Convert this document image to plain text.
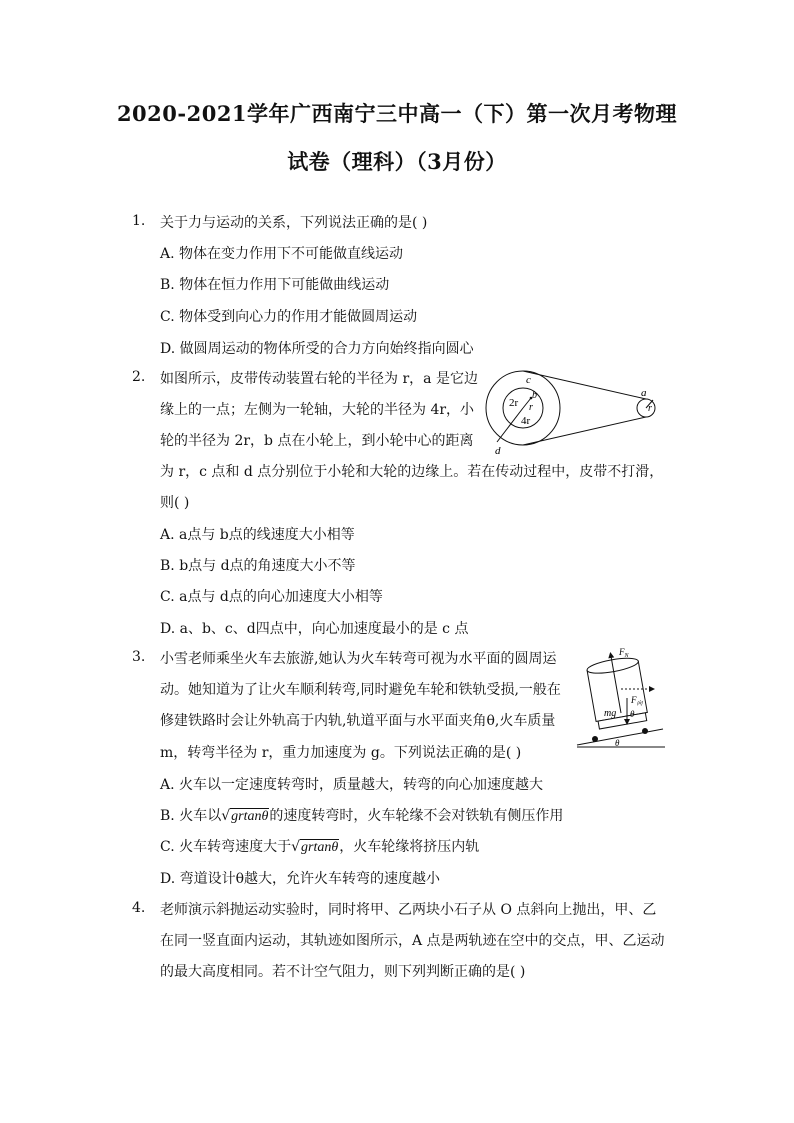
2020-2021学年广西南宁三中高一（下）第一次月考物理
试卷（理科）（3月份）
1. 关于力与运动的关系，下列说法正确的是( )
A. 物体在变力作用下不可能做直线运动
B. 物体在恒力作用下可能做曲线运动
C. 物体受到向心力的作用才能做圆周运动
D. 做圆周运动的物体所受的合力方向始终指向圆心
2. 如图所示，皮带传动装置右轮的半径为 r，a 是它边
缘上的一点；左侧为一轮轴，大轮的半径为 4r，小
轮的半径为 2r，b 点在小轮上，到小轮中心的距离
为 r，c 点和 d 点分别位于小轮和大轮的边缘上。若在传动过程中，皮带不打滑，
则( )
A. a点与 b点的线速度大小相等
B. b点与 d点的角速度大小不等
C. a点与 d点的向心加速度大小相等
D. a、b、c、d四点中，向心加速度最小的是 c 点
c
a
b
d
r
r
2r
4r
3. 小雪老师乘坐火车去旅游,她认为火车转弯可视为水平面的圆周运
动。她知道为了让火车顺利转弯,同时避免车轮和铁轨受损,一般在
修建铁路时会让外轨高于内轨,轨道平面与水平面夹角θ,火车质量
m，转弯半径为 r，重力加速度为 g。下列说法正确的是( )
A. 火车以一定速度转弯时，质量越大，转弯的向心加速度越大
B. 火车以√grtanθ的速度转弯时，火车轮缘不会对铁轨有侧压作用
C. 火车转弯速度大于√grtanθ，火车轮缘将挤压内轨
D. 弯道设计θ越大，允许火车转弯的速度越小
$F_N$
$F_向$
mg θ
θ
4. 老师演示斜抛运动实验时，同时将甲、乙两块小石子从 O 点斜向上抛出，甲、乙
在同一竖直面内运动，其轨迹如图所示，A 点是两轨迹在空中的交点，甲、乙运动
的最大高度相同。若不计空气阻力，则下列判断正确的是( )
